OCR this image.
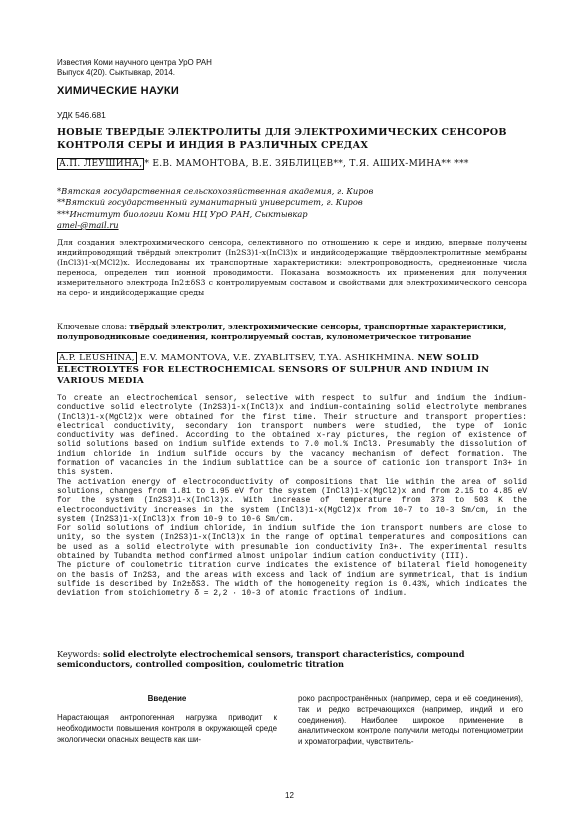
Известия Коми научного центра УрО РАН
Выпуск 4(20). Сыктывкар, 2014.
ХИМИЧЕСКИЕ НАУКИ
УДК 546.681
НОВЫЕ ТВЕРДЫЕ ЭЛЕКТРОЛИТЫ ДЛЯ ЭЛЕКТРОХИМИЧЕСКИХ СЕНСОРОВ КОНТРОЛЯ СЕРЫ И ИНДИЯ В РАЗЛИЧНЫХ СРЕДАХ
А.П. ЛЕУШИНА, * Е.В. МАМОНТОВА, В.Е. ЗЯБЛИЦЕВ**, Т.Я. АШИХ-МИНА** ***
*Вятская государственная сельскохозяйственная академия, г. Киров
**Вятский государственный гуманитарный университет, г. Киров
***Институт биологии Коми НЦ УрО РАН, Сыктывкар
amel-@mail.ru
Для создания электрохимического сенсора, селективного по отношению к сере и индию, впервые получены индийпроводящий твёрдый электролит (In2S3)1-x(InCl3)x и индийсодержащие твёрдоэлектролитные мембраны (InCl3)1-x(MCl2)x. Исследованы их транспортные характеристики: электропроводность, среднеионные числа переноса, определен тип ионной проводимости. Показана возможность их применения для получения измерительного электрода In2±δS3 с контролируемым составом и свойствами для электрохимического сенсора на серо- и индийсодержащие среды
Ключевые слова: твёрдый электролит, электрохимические сенсоры, транспортные характеристики, полупроводниковые соединения, контролируемый состав, кулонометрическое титрование
A.P. LEUSHINA, E.V. MAMONTOVA, V.E. ZYABLITSEV, T.YA. ASHIKHMINA. NEW SOLID ELECTROLYTES FOR ELECTROCHEMICAL SENSORS OF SULPHUR AND INDIUM IN VARIOUS MEDIA

To create an electrochemical sensor, selective with respect to sulfur and indium the indium-conductive solid electrolyte (In2S3)1-x(InCl3)x and indium-containing solid electrolyte membranes (InCl3)1-x(MgCl2)x were obtained for the first time. Their structure and transport properties: electrical conductivity, secondary ion transport numbers were studied, the type of ionic conductivity was defined. According to the obtained x-ray pictures, the region of existence of solid solutions based on indium sulfide extends to 7.0 mol.% InCl3. Presumably the dissolution of indium chloride in indium sulfide occurs by the vacancy mechanism of defect formation. The formation of vacancies in the indium sublattice can be a source of cationic ion transport In3+ in this system.

The activation energy of electroconductivity of compositions that lie within the area of solid solutions, changes from 1.81 to 1.95 eV for the system (InCl3)1-x(MgCl2)x and from 2.15 to 4.85 eV for the system (In2S3)1-x(InCl3)x. With increase of temperature from 373 to 503 K the electroconductivity increases in the system (InCl3)1-x(MgCl2)x from 10-7 to 10-3 Sm/cm, in the system (In2S3)1-x(InCl3)x from 10-9 to 10-6 Sm/cm.

For solid solutions of indium chloride, in indium sulfide the ion transport numbers are close to unity, so the system (In2S3)1-x(InCl3)x in the range of optimal temperatures and compositions can be used as a solid electrolyte with presumable ion conductivity In3+. The experimental results obtained by Tubandta method confirmed almost unipolar indium cation conductivity (III).

The picture of coulometric titration curve indicates the existence of bilateral field homogeneity on the basis of In2S3, and the areas with excess and lack of indium are symmetrical, that is indium sulfide is described by In2±δS3. The width of the homogeneity region is 0.43%, which indicates the deviation from stoichiometry δ = 2,2 · 10-3 of atomic fractions of indium.

Keywords: solid electrolyte electrochemical sensors, transport characteristics, compound semiconductors, controlled composition, coulometric titration
Введение
Нарастающая антропогенная нагрузка приводит к необходимости повышения контроля в окружающей среде экологически опасных веществ как ши-
роко распространённых (например, сера и её соединения), так и редко встречающихся (например, индий и его соединения). Наиболее широкое применение в аналитическом контроле получили методы потенциометрии и хроматографии, чувствитель-
12
